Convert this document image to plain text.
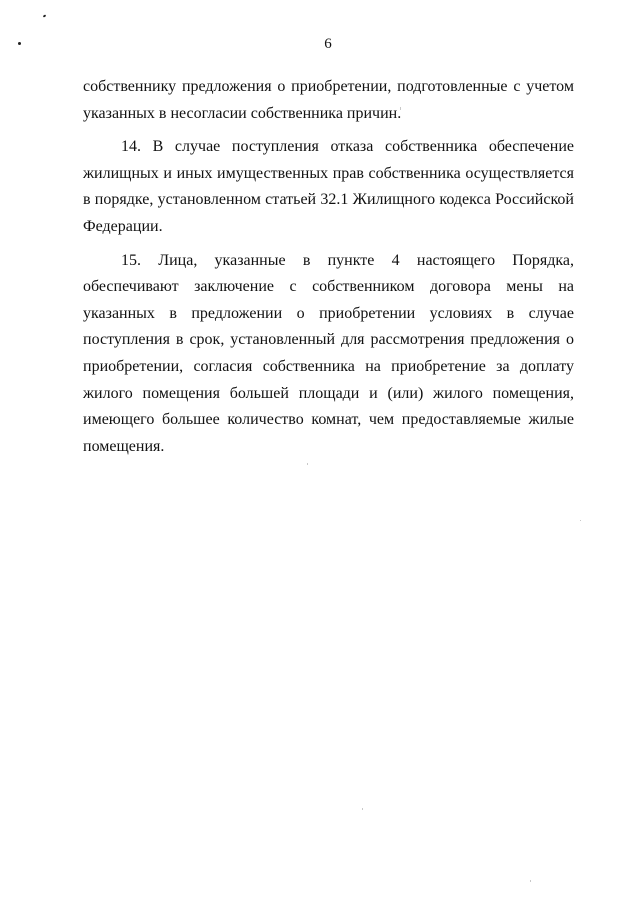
6

собственнику предложения о приобретении, подготовленные с учетом указанных в несогласии собственника причин.

14. В случае поступления отказа собственника обеспечение жилищных и иных имущественных прав собственника осуществляется в порядке, установленном статьей 32.1 Жилищного кодекса Российской Федерации.

15. Лица, указанные в пункте 4 настоящего Порядка, обеспечивают заключение с собственником договора мены на указанных в предложении о приобретении условиях в случае поступления в срок, установленный для рассмотрения предложения о приобретении, согласия собственника на приобретение за доплату жилого помещения большей площади и (или) жилого помещения, имеющего большее количество комнат, чем предоставляемые жилые помещения.
